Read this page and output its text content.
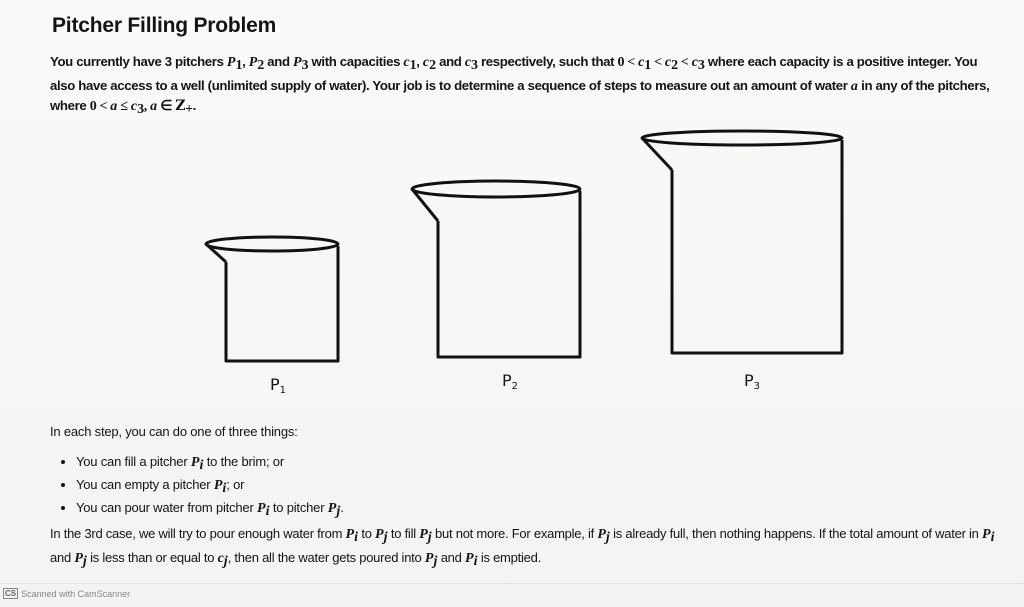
Pitcher Filling Problem

You currently have 3 pitchers $P_1$, $P_2$ and $P_3$ with capacities $c_1$, $c_2$ and $c_3$ respectively, such that $0 < c_1 < c_2 < c_3$ where each capacity is a positive integer. You also have access to a well (unlimited supply of water). Your job is to determine a sequence of steps to measure out an amount of water a in any of the pitchers, where $0 < a \le c_3$, a ∈ $Z_+$.

$P_1$
$P_2$	$P_3$
In each step, you can do one of three things:
• You can fill a pitcher $P_i$ to the brim; or
• You can empty a pitcher $P_i$; or
• You can pour water from pitcher $P_i$ to pitcher $P_j$.

In the 3rd case, we will try to pour enough water from $P_i$ to $P_j$ to fill $P_j$ but not more. For example, if $P_j$ is already full, then nothing happens. If the total amount of water in $P_i$ and $P_j$ is less than or equal to $c_j$, then all the water gets poured into $P_j$ and $P_i$ is emptied.

CS Scanned with CamScanner
